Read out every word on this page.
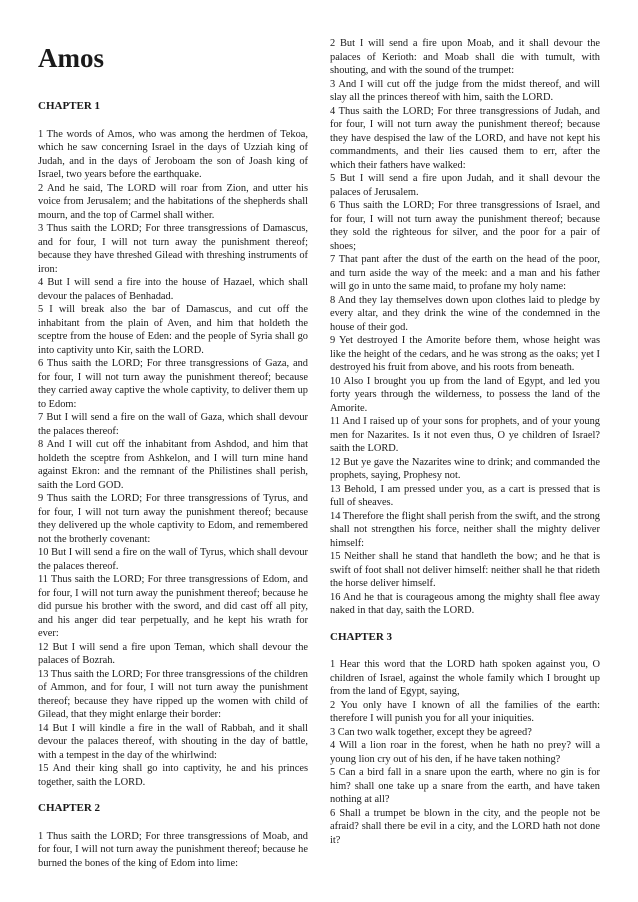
Amos
CHAPTER 1

1 The words of Amos, who was among the herdmen of Tekoa, which he saw concerning Israel in the days of Uzziah king of Judah, and in the days of Jeroboam the son of Joash king of Israel, two years before the earthquake.

2 And he said, The LORD will roar from Zion, and utter his voice from Jerusalem; and the habitations of the shepherds shall mourn, and the top of Carmel shall wither.

3 Thus saith the LORD; For three transgressions of Damascus, and for four, I will not turn away the punishment thereof; because they have threshed Gilead with threshing instruments of iron:

4 But I will send a fire into the house of Hazael, which shall devour the palaces of Benhadad.

5 I will break also the bar of Damascus, and cut off the inhabitant from the plain of Aven, and him that holdeth the sceptre from the house of Eden: and the people of Syria shall go into captivity unto Kir, saith the LORD.

6 Thus saith the LORD; For three transgressions of Gaza, and for four, I will not turn away the punishment thereof; because they carried away captive the whole captivity, to deliver them up to Edom:

7 But I will send a fire on the wall of Gaza, which shall devour the palaces thereof:

8 And I will cut off the inhabitant from Ashdod, and him that holdeth the sceptre from Ashkelon, and I will turn mine hand against Ekron: and the remnant of the Philistines shall perish, saith the Lord GOD.

9 Thus saith the LORD; For three transgressions of Tyrus, and for four, I will not turn away the punishment thereof; because they delivered up the whole captivity to Edom, and remembered not the brotherly covenant:

10 But I will send a fire on the wall of Tyrus, which shall devour the palaces thereof.

11 Thus saith the LORD; For three transgressions of Edom, and for four, I will not turn away the punishment thereof; because he did pursue his brother with the sword, and did cast off all pity, and his anger did tear perpetually, and he kept his wrath for ever:

12 But I will send a fire upon Teman, which shall devour the palaces of Bozrah.

13 Thus saith the LORD; For three transgressions of the children of Ammon, and for four, I will not turn away the punishment thereof; because they have ripped up the women with child of Gilead, that they might enlarge their border:

14 But I will kindle a fire in the wall of Rabbah, and it shall devour the palaces thereof, with shouting in the day of battle, with a tempest in the day of the whirlwind:

15 And their king shall go into captivity, he and his princes together, saith the LORD.

CHAPTER 2

1 Thus saith the LORD; For three transgressions of Moab, and for four, I will not turn away the punishment thereof; because he burned the bones of the king of Edom into lime:

2 But I will send a fire upon Moab, and it shall devour the palaces of Kerioth: and Moab shall die with tumult, with shouting, and with the sound of the trumpet:

3 And I will cut off the judge from the midst thereof, and will slay all the princes thereof with him, saith the LORD.

4 Thus saith the LORD; For three transgressions of Judah, and for four, I will not turn away the punishment thereof; because they have despised the law of the LORD, and have not kept his commandments, and their lies caused them to err, after the which their fathers have walked:

5 But I will send a fire upon Judah, and it shall devour the palaces of Jerusalem.

6 Thus saith the LORD; For three transgressions of Israel, and for four, I will not turn away the punishment thereof; because they sold the righteous for silver, and the poor for a pair of shoes;

7 That pant after the dust of the earth on the head of the poor, and turn aside the way of the meek: and a man and his father will go in unto the same maid, to profane my holy name:

8 And they lay themselves down upon clothes laid to pledge by every altar, and they drink the wine of the condemned in the house of their god.

9 Yet destroyed I the Amorite before them, whose height was like the height of the cedars, and he was strong as the oaks; yet I destroyed his fruit from above, and his roots from beneath.

10 Also I brought you up from the land of Egypt, and led you forty years through the wilderness, to possess the land of the Amorite.

11 And I raised up of your sons for prophets, and of your young men for Nazarites. Is it not even thus, O ye children of Israel? saith the LORD.

12 But ye gave the Nazarites wine to drink; and commanded the prophets, saying, Prophesy not.

13 Behold, I am pressed under you, as a cart is pressed that is full of sheaves.

14 Therefore the flight shall perish from the swift, and the strong shall not strengthen his force, neither shall the mighty deliver himself:

15 Neither shall he stand that handleth the bow; and he that is swift of foot shall not deliver himself: neither shall he that rideth the horse deliver himself.

16 And he that is courageous among the mighty shall flee away naked in that day, saith the LORD.

CHAPTER 3

1 Hear this word that the LORD hath spoken against you, O children of Israel, against the whole family which I brought up from the land of Egypt, saying,

2 You only have I known of all the families of the earth: therefore I will punish you for all your iniquities.

3 Can two walk together, except they be agreed?

4 Will a lion roar in the forest, when he hath no prey? will a young lion cry out of his den, if he have taken nothing?

5 Can a bird fall in a snare upon the earth, where no gin is for him? shall one take up a snare from the earth, and have taken nothing at all?

6 Shall a trumpet be blown in the city, and the people not be afraid? shall there be evil in a city, and the LORD hath not done it?
